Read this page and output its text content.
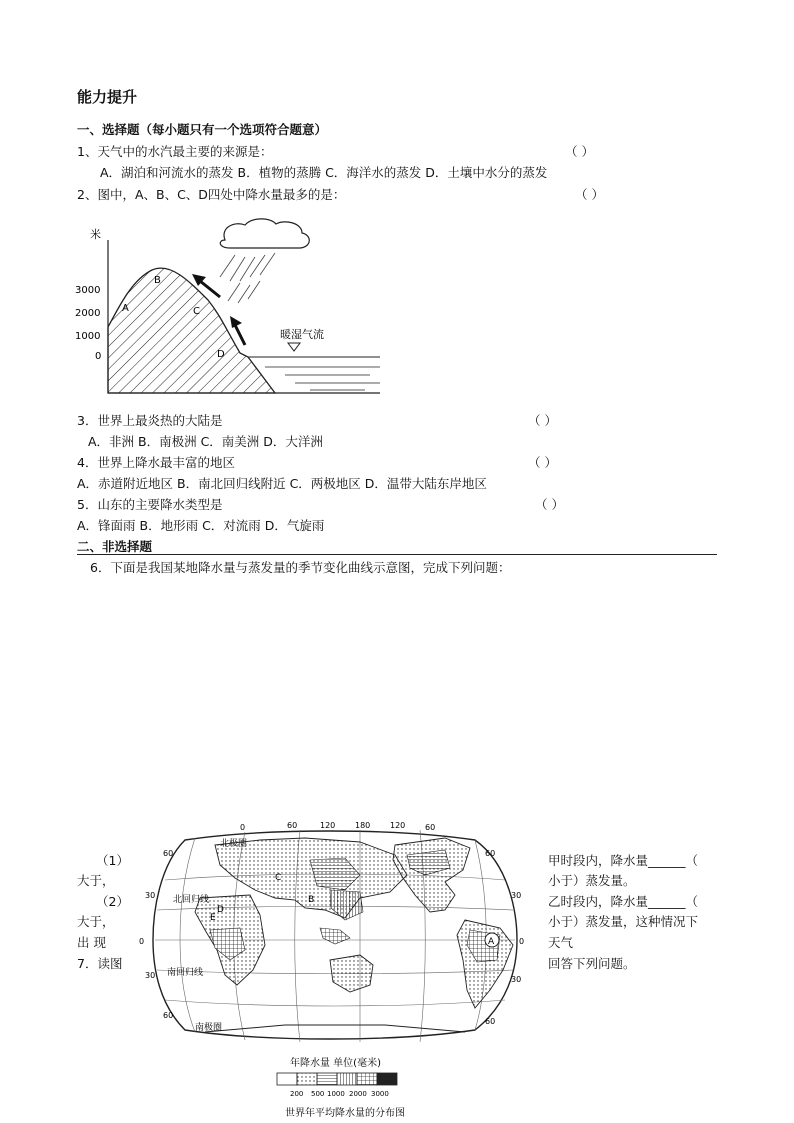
能力提升
一、选择题（每小题只有一个选项符合题意）
1、天气中的水汽最主要的来源是：	（ ）
A．湖泊和河流水的蒸发 B．植物的蒸腾 C．海洋水的蒸发 D．土壤中水分的蒸发
2、图中，A、B、C、D四处中降水量最多的是：	（ ）
米
3000
2000
1000
0
A
B
C
D
暖湿气流
3．世界上最炎热的大陆是	（ ）
A．非洲 B．南极洲 C．南美洲 D．大洋洲
4．世界上降水最丰富的地区	（ ）
A．赤道附近地区 B．南北回归线附近 C．两极地区 D．温带大陆东岸地区
5．山东的主要降水类型是	（ ）
A．锋面雨 B．地形雨 C．对流雨 D．气旋雨
二、非选择题
6．下面是我国某地降水量与蒸发量的季节变化曲线示意图，完成下列问题：
（1）
大于，
（2）
大于，
出 现
7．读图
甲时段内，降水量______（
小于）蒸发量。
乙时段内，降水量______（
小于）蒸发量，这种情况下
天气
回答下列问题。
0	60	120 180 120 60
60
30
0
30
60
60
30
0
30
60
北极圈
北回归线
南回归线
南极圈
A
B
C
D
E
年降水量 单位(毫米)
200 500 1000 2000 3000
世界年平均降水量的分布图
